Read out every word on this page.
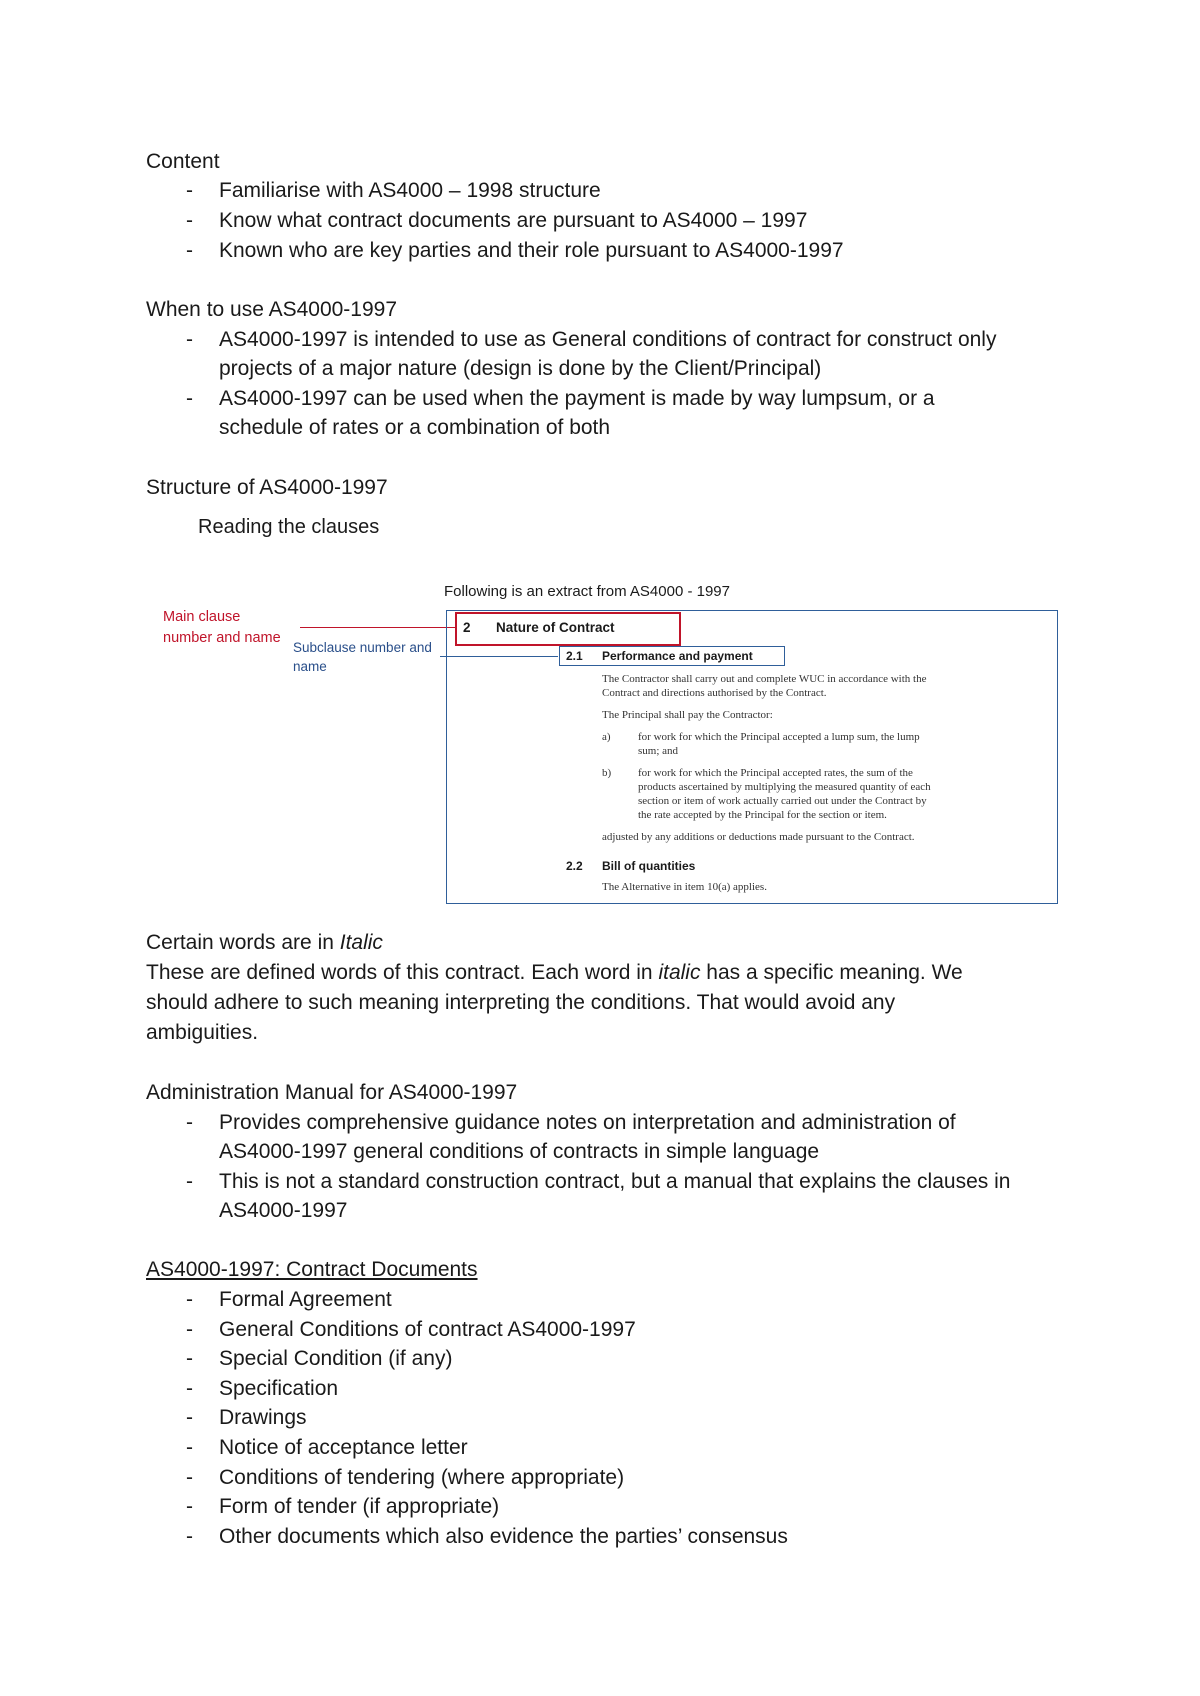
Content
- Familiarise with AS4000 – 1998 structure
- Know what contract documents are pursuant to AS4000 – 1997
- Known who are key parties and their role pursuant to AS4000-1997
When to use AS4000-1997
- AS4000-1997 is intended to use as General conditions of contract for construct only
projects of a major nature (design is done by the Client/Principal)
- AS4000-1997 can be used when the payment is made by way lumpsum, or a
schedule of rates or a combination of both
Structure of AS4000-1997
Reading the clauses
Following is an extract from AS4000 - 1997
Main clause
number and name
Subclause number and
name
2 Nature of Contract
2.1 Performance and payment
The Contractor shall carry out and complete WUC in accordance with the
Contract and directions authorised by the Contract.
The Principal shall pay the Contractor:
a) for work for which the Principal accepted a lump sum, the lump
sum; and
b) for work for which the Principal accepted rates, the sum of the
products ascertained by multiplying the measured quantity of each
section or item of work actually carried out under the Contract by
the rate accepted by the Principal for the section or item.
adjusted by any additions or deductions made pursuant to the Contract.
2.2 Bill of quantities
The Alternative in item 10(a) applies.
Certain words are in Italic
These are defined words of this contract. Each word in italic has a specific meaning. We
should adhere to such meaning interpreting the conditions. That would avoid any
ambiguities.
Administration Manual for AS4000-1997
- Provides comprehensive guidance notes on interpretation and administration of
AS4000-1997 general conditions of contracts in simple language
- This is not a standard construction contract, but a manual that explains the clauses in
AS4000-1997
AS4000-1997: Contract Documents
- Formal Agreement
- General Conditions of contract AS4000-1997
- Special Condition (if any)
- Specification
- Drawings
- Notice of acceptance letter
- Conditions of tendering (where appropriate)
- Form of tender (if appropriate)
- Other documents which also evidence the parties’ consensus
